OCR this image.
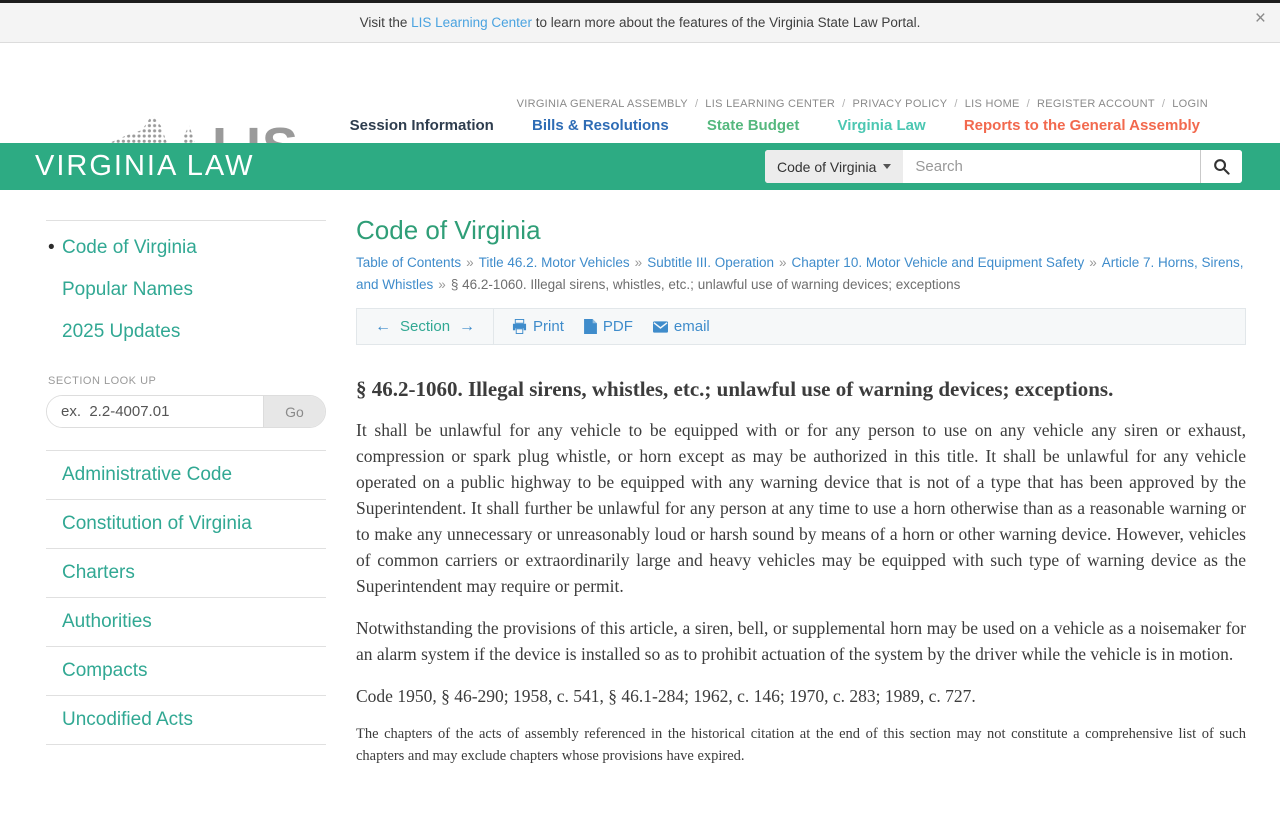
Visit the LIS Learning Center to learn more about the features of the Virginia State Law Portal.	×
VIRGINIA GENERAL ASSEMBLY / LIS LEARNING CENTER / PRIVACY POLICY / LIS HOME / REGISTER ACCOUNT / LOGIN
Session Information	Bills & Resolutions	State Budget	Virginia Law	Reports to the General Assembly
VIRGINIA LAW	Code of Virginia
Search
• Code of Virginia
Popular Names
2025 Updates
SECTION LOOK UP
ex. 2.2-4007.01
Go
Administrative Code
Constitution of Virginia
Charters
Authorities
Compacts
Uncodified Acts
Code of Virginia
Table of Contents » Title 46.2. Motor Vehicles » Subtitle III. Operation » Chapter 10. Motor Vehicle and Equipment Safety » Article 7. Horns, Sirens, and Whistles » § 46.2-1060. Illegal sirens, whistles, etc.; unlawful use of warning devices; exceptions
← Section →	Print	PDF	email
§ 46.2-1060. Illegal sirens, whistles, etc.; unlawful use of warning devices; exceptions.

It shall be unlawful for any vehicle to be equipped with or for any person to use on any vehicle any siren or exhaust, compression or spark plug whistle, or horn except as may be authorized in this title. It shall be unlawful for any vehicle operated on a public highway to be equipped with any warning device that is not of a type that has been approved by the Superintendent. It shall further be unlawful for any person at any time to use a horn otherwise than as a reasonable warning or to make any unnecessary or unreasonably loud or harsh sound by means of a horn or other warning device. However, vehicles of common carriers or extraordinarily large and heavy vehicles may be equipped with such type of warning device as the Superintendent may require or permit.

Notwithstanding the provisions of this article, a siren, bell, or supplemental horn may be used on a vehicle as a noisemaker for an alarm system if the device is installed so as to prohibit actuation of the system by the driver while the vehicle is in motion.

Code 1950, § 46-290; 1958, c. 541, § 46.1-284; 1962, c. 146; 1970, c. 283; 1989, c. 727.

The chapters of the acts of assembly referenced in the historical citation at the end of this section may not constitute a comprehensive list of such chapters and may exclude chapters whose provisions have expired.
